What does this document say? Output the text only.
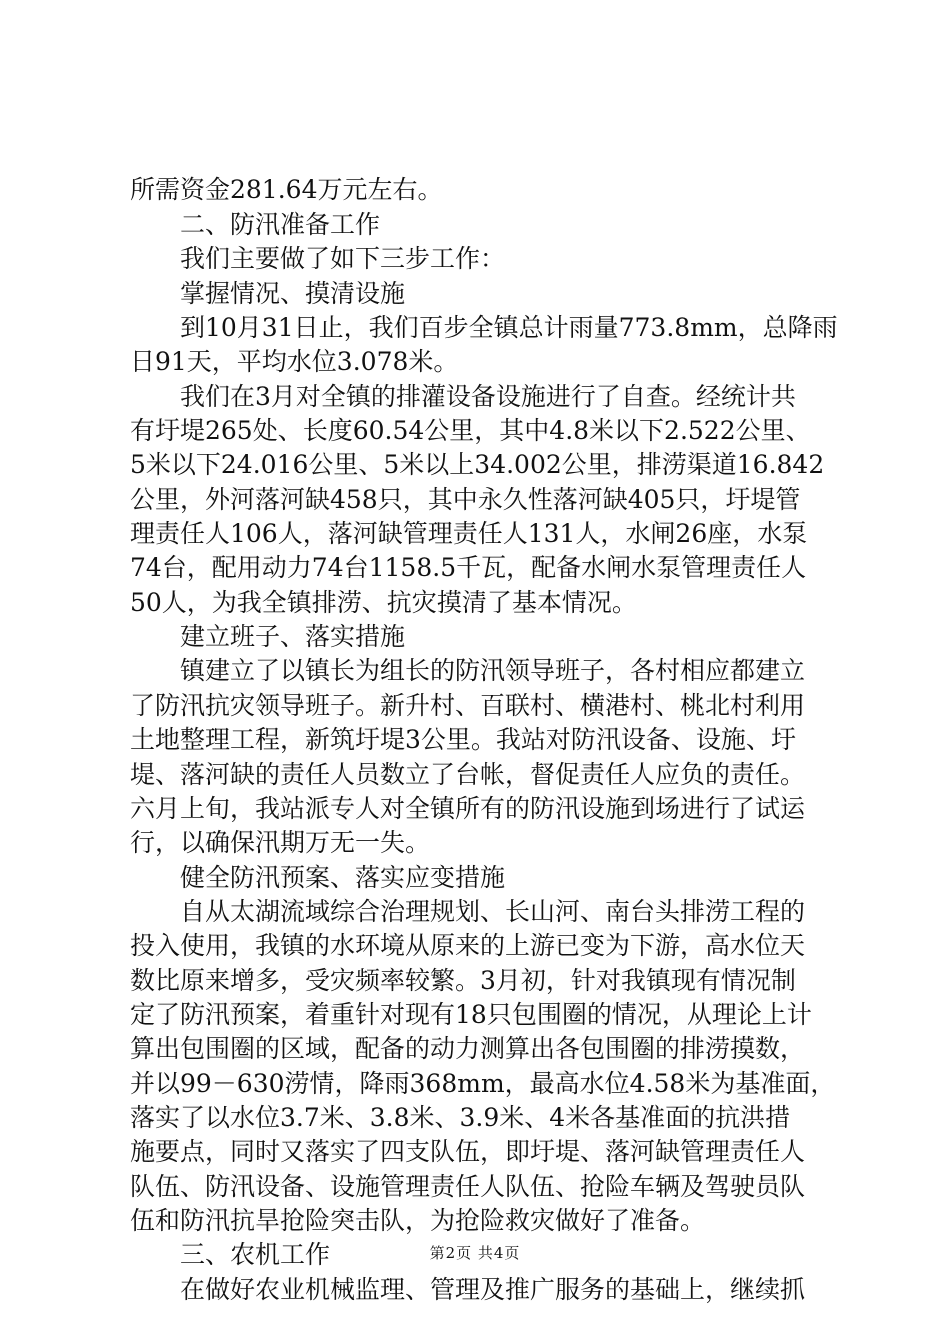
所需资金281.64万元左右。
二、防汛准备工作
我们主要做了如下三步工作：
掌握情况、摸清设施
到10月31日止，我们百步全镇总计雨量773.8mm，总降雨
日91天，平均水位3.078米。
我们在3月对全镇的排灌设备设施进行了自查。经统计共
有圩堤265处、长度60.54公里，其中4.8米以下2.522公里、
5米以下24.016公里、5米以上34.002公里，排涝渠道16.842
公里，外河落河缺458只，其中永久性落河缺405只，圩堤管
理责任人106人，落河缺管理责任人131人，水闸26座，水泵
74台，配用动力74台1158.5千瓦，配备水闸水泵管理责任人
50人，为我全镇排涝、抗灾摸清了基本情况。
建立班子、落实措施
镇建立了以镇长为组长的防汛领导班子，各村相应都建立
了防汛抗灾领导班子。新升村、百联村、横港村、桃北村利用
土地整理工程，新筑圩堤3公里。我站对防汛设备、设施、圩
堤、落河缺的责任人员数立了台帐，督促责任人应负的责任。
六月上旬，我站派专人对全镇所有的防汛设施到场进行了试运
行，以确保汛期万无一失。
健全防汛预案、落实应变措施
自从太湖流域综合治理规划、长山河、南台头排涝工程的
投入使用，我镇的水环境从原来的上游已变为下游，高水位天
数比原来增多，受灾频率较繁。3月初，针对我镇现有情况制
定了防汛预案，着重针对现有18只包围圈的情况，从理论上计
算出包围圈的区域，配备的动力测算出各包围圈的排涝摸数，
并以99－630涝情，降雨368mm，最高水位4.58米为基准面，
落实了以水位3.7米、3.8米、3.9米、4米各基准面的抗洪措
施要点，同时又落实了四支队伍，即圩堤、落河缺管理责任人
队伍、防汛设备、设施管理责任人队伍、抢险车辆及驾驶员队
伍和防汛抗旱抢险突击队，为抢险救灾做好了准备。
三、农机工作
在做好农业机械监理、管理及推广服务的基础上，继续抓
第2页 共4页
